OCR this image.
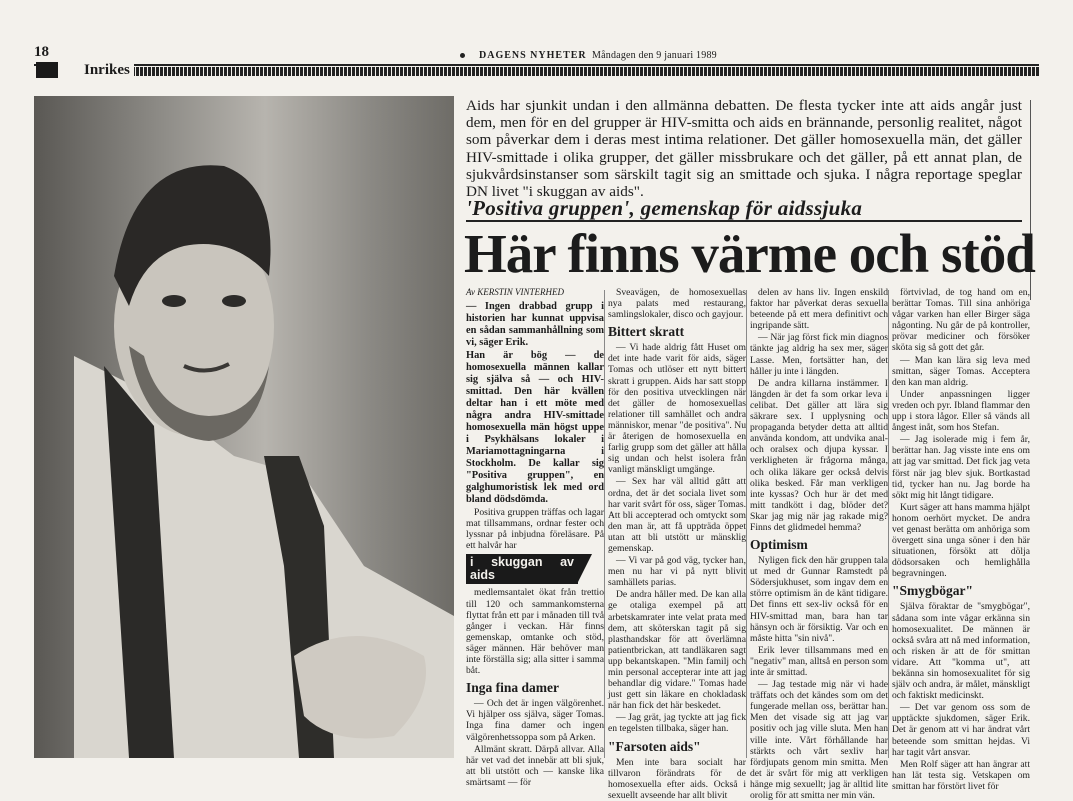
18	DAGENS NYHETER Måndagen den 9 januari 1989
Inrikes
Aids har sjunkit undan i den allmänna debatten. De flesta tycker inte att aids angår just dem, men för en del grupper är HIV-smitta och aids en brännande, personlig realitet, något som påverkar dem i deras mest intima relationer. Det gäller homosexuella män, det gäller HIV-smittade i olika grupper, det gäller missbrukare och det gäller, på ett annat plan, de sjukvårdsinstanser som särskilt tagit sig an smittade och sjuka. I några reportage speglar DN livet "i skuggan av aids".
'Positiva gruppen', gemenskap för aidssjuka
Här finns värme och stöd

Av KERSTIN VINTERHED

— Ingen drabbad grupp i historien har kunnat uppvisa en sådan sammanhållning som vi, säger Erik.

Han är bög — de homosexuella männen kallar sig själva så — och HIV-smittad. Den här kvällen deltar han i ett möte med några andra HIV-smittade homosexuella män högst uppe i Psykhälsans lokaler i Mariamottagningarna i Stockholm. De kallar sig "Positiva gruppen", en galghumoristisk lek med ord bland dödsdömda.

Positiva gruppen träffas och lagar mat tillsammans, ordnar fester och lyssnar på inbjudna föreläsare. På ett halvår har

i skuggan av aids

medlemsantalet ökat från trettio till 120 och sammankomsterna flyttat från ett par i månaden till två gånger i veckan. Här finns gemenskap, omtanke och stöd, säger männen. Här behöver man inte förställa sig; alla sitter i samma båt.

Inga fina damer

— Och det är ingen välgörenhet. Vi hjälper oss själva, säger Tomas. Inga fina damer och ingen välgörenhetssoppa som på Arken.

Allmänt skratt. Därpå allvar. Alla här vet vad det innebär att bli sjuk, att bli utstött och — kanske lika smärtsamt — för

Sveavägen, de homosexuellas nya palats med restaurang, samlingslokaler, disco och gayjour.

Bittert skratt

— Vi hade aldrig fått Huset om det inte hade varit för aids, säger Tomas och utlöser ett nytt bittert skratt i gruppen. Aids har satt stopp för den positiva utvecklingen när det gäller de homosexuellas relationer till samhället och andra människor, menar "de positiva". Nu är återigen de homosexuella en farlig grupp som det gäller att hålla sig undan och helst isolera från vanligt mänskligt umgänge.

— Sex har väl alltid gått att ordna, det är det sociala livet som har varit svårt för oss, säger Tomas. Att bli accepterad och omtyckt som den man är, att få uppträda öppet utan att bli utstött ur mänsklig gemenskap.

— Vi var på god väg, tycker han, men nu har vi på nytt blivit samhällets parias.

De andra håller med. De kan alla ge otaliga exempel på att arbetskamrater inte velat prata med dem, att sköterskan tagit på sig plasthandskar för att överlämna patientbrickan, att tandläkaren sagt upp bekantskapen. "Min familj och min personal accepterar inte att jag behandlar dig vidare." Tomas hade just gett sin läkare en chokladask när han fick det här beskedet.

— Jag grät, jag tyckte att jag fick en tegelsten tillbaka, säger han.

"Farsoten aids"

Men inte bara socialt har tillvaron förändrats för de homosexuella efter aids. Också i sexuellt avseende har allt blivit

delen av hans liv. Ingen enskild faktor har påverkat deras sexuella beteende på ett mera definitivt och ingripande sätt.

— När jag först fick min diagnos tänkte jag aldrig ha sex mer, säger Lasse. Men, fortsätter han, det håller ju inte i längden.

De andra killarna instämmer. I längden är det fa som orkar leva i celibat. Det gäller att lära sig säkrare sex. I upplysning och propaganda betyder detta att alltid använda kondom, att undvika anal- och oralsex och djupa kyssar. I verkligheten är frågorna många, och olika läkare ger också delvis olika besked. Får man verkligen inte kyssas? Och hur är det med mitt tandkött i dag, blöder det? Skar jag mig när jag rakade mig? Finns det glidmedel hemma?

Optimism

Nyligen fick den här gruppen tala ut med dr Gunnar Ramstedt på Södersjukhuset, som ingav dem en större optimism än de känt tidigare. Det finns ett sex-liv också för en HIV-smittad man, bara han tar hänsyn och är försiktig. Var och en måste hitta "sin nivå".

Erik lever tillsammans med en "negativ" man, alltså en person som inte är smittad.

— Jag testade mig när vi hade träffats och det kändes som om det fungerade mellan oss, berättar han. Men det visade sig att jag var positiv och jag ville sluta. Men han ville inte. Vårt förhållande har stärkts och vårt sexliv har fördjupats genom min smitta. Men det är svårt för mig att verkligen hänge mig sexuellt; jag är alltid lite orolig för att smitta ner min vän.

förtvivlad, de tog hand om en, berättar Tomas. Till sina anhöriga vågar varken han eller Birger säga någonting. Nu går de på kontroller, prövar mediciner och försöker sköta sig så gott det går.

— Man kan lära sig leva med smittan, säger Tomas. Acceptera den kan man aldrig.

Under anpassningen ligger vreden och pyr. Ibland flammar den upp i stora lågor. Eller så vänds all ångest inåt, som hos Stefan.

— Jag isolerade mig i fem år, berättar han. Jag visste inte ens om att jag var smittad. Det fick jag veta först när jag blev sjuk. Bortkastad tid, tycker han nu. Jag borde ha sökt mig hit långt tidigare.

Kurt säger att hans mamma hjälpt honom oerhört mycket. De andra vet genast berätta om anhöriga som övergett sina unga söner i den här situationen, försökt att dölja dödsorsaken och hemlighålla begravningen.

"Smygbögar"

Själva föraktar de "smygbögar", sådana som inte vågar erkänna sin homosexualitet. De männen är också svåra att nå med information, och risken är att de för smittan vidare. Att "komma ut", att bekänna sin homosexualitet för sig själv och andra, är målet, mänskligt och faktiskt medicinskt.

— Det var genom oss som de upptäckte sjukdomen, säger Erik. Det är genom att vi har ändrat vårt beteende som smittan hejdas. Vi har tagit vårt ansvar.

Men Rolf säger att han ängrar att han lät testa sig. Vetskapen om smittan har förstört livet för
